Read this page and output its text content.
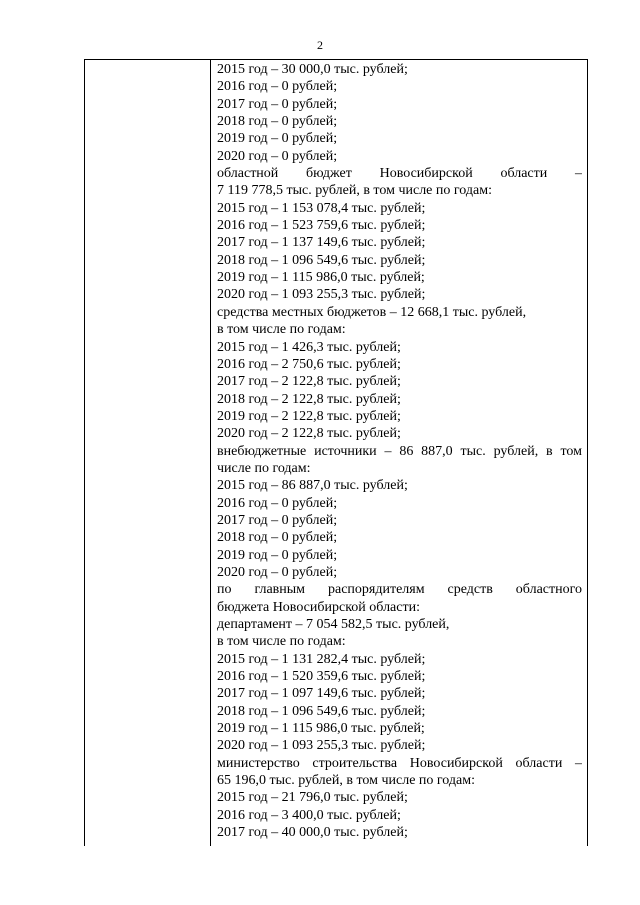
2
2015 год – 30 000,0 тыс. рублей;
2016 год – 0 рублей;
2017 год – 0 рублей;
2018 год – 0 рублей;
2019 год – 0 рублей;
2020 год – 0 рублей;
областной бюджет Новосибирской области –
7 119 778,5 тыс. рублей, в том числе по годам:
2015 год – 1 153 078,4 тыс. рублей;
2016 год – 1 523 759,6 тыс. рублей;
2017 год – 1 137 149,6 тыс. рублей;
2018 год – 1 096 549,6 тыс. рублей;
2019 год – 1 115 986,0 тыс. рублей;
2020 год – 1 093 255,3 тыс. рублей;
средства местных бюджетов – 12 668,1 тыс. рублей,
в том числе по годам:
2015 год – 1 426,3 тыс. рублей;
2016 год – 2 750,6 тыс. рублей;
2017 год – 2 122,8 тыс. рублей;
2018 год – 2 122,8 тыс. рублей;
2019 год – 2 122,8 тыс. рублей;
2020 год – 2 122,8 тыс. рублей;
внебюджетные источники – 86 887,0 тыс. рублей, в том
числе по годам:
2015 год – 86 887,0 тыс. рублей;
2016 год – 0 рублей;
2017 год – 0 рублей;
2018 год – 0 рублей;
2019 год – 0 рублей;
2020 год – 0 рублей;
по главным распорядителям средств областного
бюджета Новосибирской области:
департамент – 7 054 582,5 тыс. рублей,
в том числе по годам:
2015 год – 1 131 282,4 тыс. рублей;
2016 год – 1 520 359,6 тыс. рублей;
2017 год – 1 097 149,6 тыс. рублей;
2018 год – 1 096 549,6 тыс. рублей;
2019 год – 1 115 986,0 тыс. рублей;
2020 год – 1 093 255,3 тыс. рублей;
министерство строительства Новосибирской области –
65 196,0 тыс. рублей, в том числе по годам:
2015 год – 21 796,0 тыс. рублей;
2016 год – 3 400,0 тыс. рублей;
2017 год – 40 000,0 тыс. рублей;
